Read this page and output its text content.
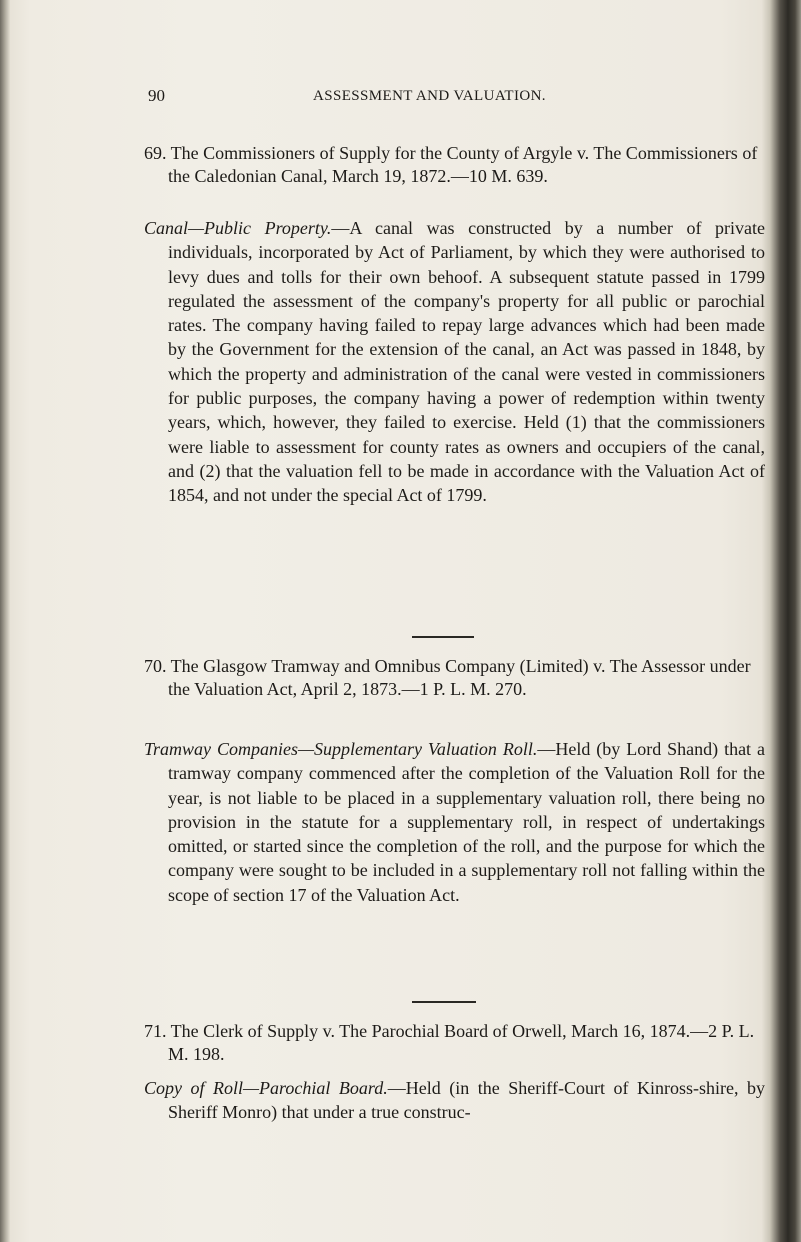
90	ASSESSMENT AND VALUATION.
69. The Commissioners of Supply for the County of Argyle v. The Commissioners of the Caledonian Canal, March 19, 1872.—10 M. 639.
Canal—Public Property.—A canal was constructed by a number of private individuals, incorporated by Act of Parliament, by which they were authorised to levy dues and tolls for their own behoof. A subsequent statute passed in 1799 regulated the assessment of the company's property for all public or parochial rates. The company having failed to repay large advances which had been made by the Government for the extension of the canal, an Act was passed in 1848, by which the property and administration of the canal were vested in commissioners for public purposes, the company having a power of redemption within twenty years, which, however, they failed to exercise. Held (1) that the commissioners were liable to assessment for county rates as owners and occupiers of the canal, and (2) that the valuation fell to be made in accordance with the Valuation Act of 1854, and not under the special Act of 1799.
70. The Glasgow Tramway and Omnibus Company (Limited) v. The Assessor under the Valuation Act, April 2, 1873.—1 P. L. M. 270.
Tramway Companies—Supplementary Valuation Roll.—Held (by Lord Shand) that a tramway company commenced after the completion of the Valuation Roll for the year, is not liable to be placed in a supplementary valuation roll, there being no provision in the statute for a supplementary roll, in respect of undertakings omitted, or started since the completion of the roll, and the purpose for which the company were sought to be included in a supplementary roll not falling within the scope of section 17 of the Valuation Act.
71. The Clerk of Supply v. The Parochial Board of Orwell, March 16, 1874.—2 P. L. M. 198.
Copy of Roll—Parochial Board.—Held (in the Sheriff-Court of Kinross-shire, by Sheriff Monro) that under a true construc-
